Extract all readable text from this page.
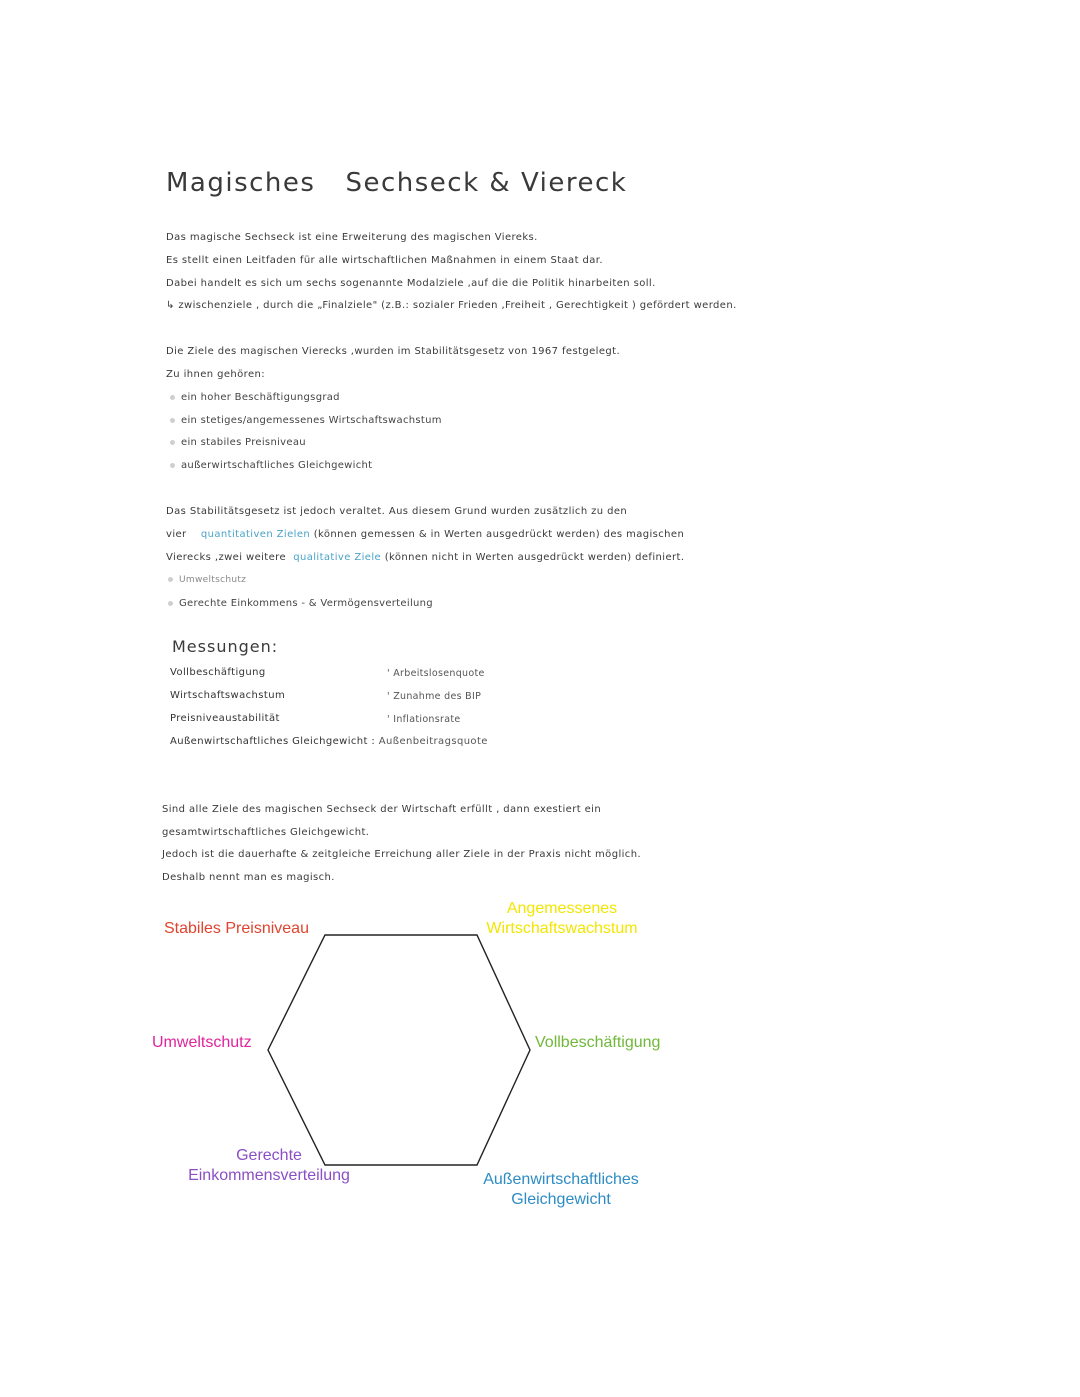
Magisches Sechseck & Viereck

Das magische Sechseck ist eine Erweiterung des magischen Viereks.

Es stellt einen Leitfaden für alle wirtschaftlichen Maßnahmen in einem Staat dar.

Dabei handelt es sich um sechs sogenannte Modalziele ,auf die die Politik hinarbeiten soll.

↳ zwischenziele , durch die „Finalziele" (z.B.: sozialer Frieden ,Freiheit , Gerechtigkeit ) gefördert werden.

Die Ziele des magischen Vierecks ,wurden im Stabilitätsgesetz von 1967 festgelegt.

Zu ihnen gehören:

ein hoher Beschäftigungsgrad
ein stetiges/angemessenes Wirtschaftswachstum
ein stabiles Preisniveau
außerwirtschaftliches Gleichgewicht

Das Stabilitätsgesetz ist jedoch veraltet. Aus diesem Grund wurden zusätzlich zu den

vier quantitativen Zielen (können gemessen & in Werten ausgedrückt werden) des magischen

Vierecks ,zwei weitere qualitative Ziele (können nicht in Werten ausgedrückt werden) definiert.

Umweltschutz
Gerechte Einkommens - & Vermögensverteilung
Messungen:
Vollbeschäftigung	' Arbeitslosenquote
Wirtschaftswachstum	' Zunahme des BIP
Preisniveaustabilität	' Inflationsrate
Außenwirtschaftliches Gleichgewicht : Außenbeitragsquote

Sind alle Ziele des magischen Sechseck der Wirtschaft erfüllt , dann exestiert ein

gesamtwirtschaftliches Gleichgewicht.

Jedoch ist die dauerhafte & zeitgleiche Erreichung aller Ziele in der Praxis nicht möglich.

Deshalb nennt man es magisch.

Stabiles Preisniveau
Angemessenes
Wirtschaftswachstum
Umweltschutz	Vollbeschäftigung
Gerechte
Einkommensverteilung	Außenwirtschaftliches
Gleichgewicht
